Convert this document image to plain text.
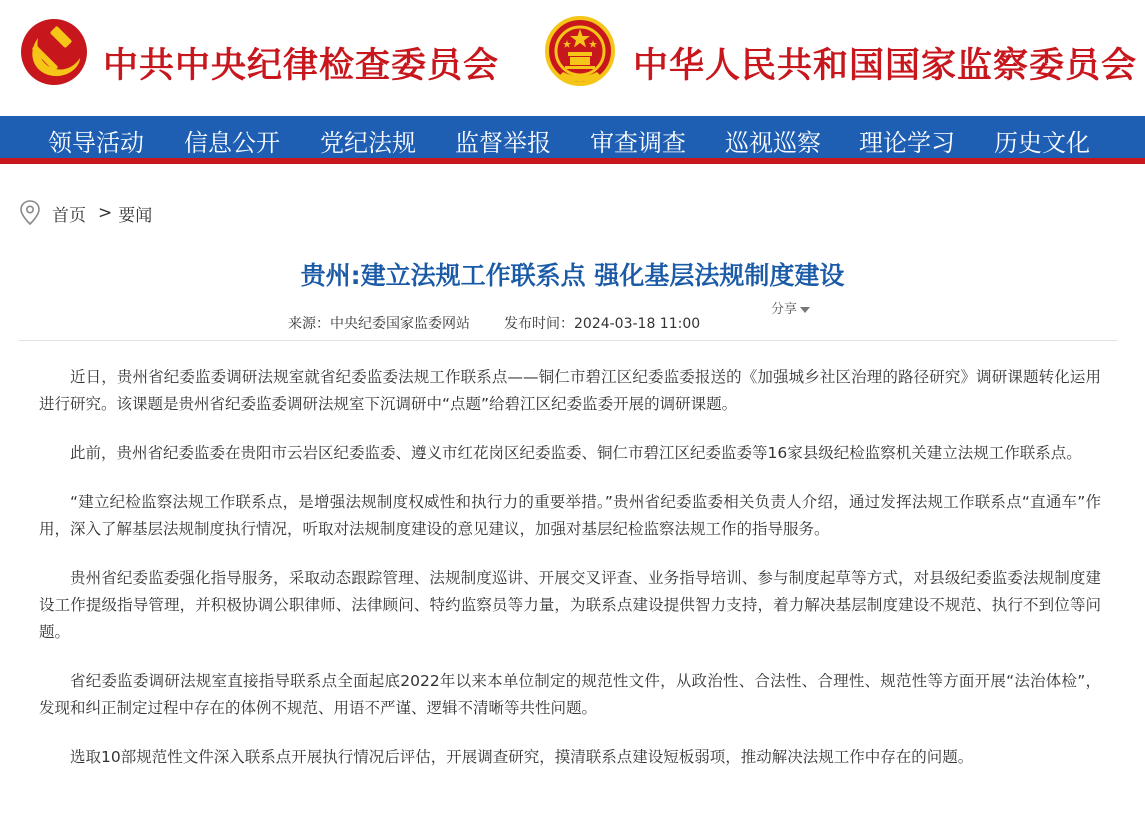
中共中央纪律检查委员会	中华人民共和国国家监察委员会
领导活动 信息公开 党纪法规 监督举报 审查调查 巡视巡察 理论学习 历史文化
首页 > 要闻
贵州:建立法规工作联系点 强化基层法规制度建设
分享
来源：中央纪委国家监委网站 发布时间：2024-03-18 11:00

近日，贵州省纪委监委调研法规室就省纪委监委法规工作联系点——铜仁市碧江区纪委监委报送的《加强城乡社区治理的路径研究》调研课题转化运用进行研究。该课题是贵州省纪委监委调研法规室下沉调研中“点题”给碧江区纪委监委开展的调研课题。

此前，贵州省纪委监委在贵阳市云岩区纪委监委、遵义市红花岗区纪委监委、铜仁市碧江区纪委监委等16家县级纪检监察机关建立法规工作联系点。

“建立纪检监察法规工作联系点，是增强法规制度权威性和执行力的重要举措。”贵州省纪委监委相关负责人介绍，通过发挥法规工作联系点“直通车”作用，深入了解基层法规制度执行情况，听取对法规制度建设的意见建议，加强对基层纪检监察法规工作的指导服务。

贵州省纪委监委强化指导服务，采取动态跟踪管理、法规制度巡讲、开展交叉评查、业务指导培训、参与制度起草等方式，对县级纪委监委法规制度建设工作提级指导管理，并积极协调公职律师、法律顾问、特约监察员等力量，为联系点建设提供智力支持，着力解决基层制度建设不规范、执行不到位等问题。

省纪委监委调研法规室直接指导联系点全面起底2022年以来本单位制定的规范性文件，从政治性、合法性、合理性、规范性等方面开展“法治体检”，发现和纠正制定过程中存在的体例不规范、用语不严谨、逻辑不清晰等共性问题。

选取10部规范性文件深入联系点开展执行情况后评估，开展调查研究，摸清联系点建设短板弱项，推动解决法规工作中存在的问题。
